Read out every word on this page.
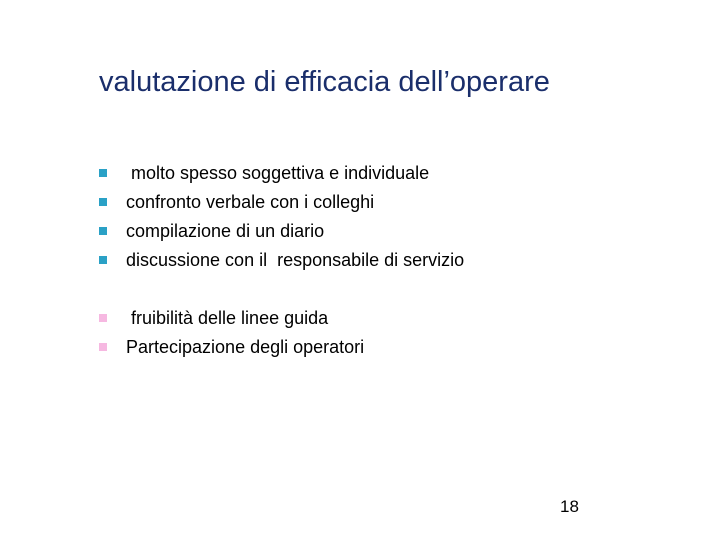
valutazione di efficacia dell’operare

molto spesso soggettiva e individuale

confronto verbale con i colleghi

compilazione di un diario

discussione con il  responsabile di servizio

fruibilità delle linee guida

Partecipazione degli operatori

18
